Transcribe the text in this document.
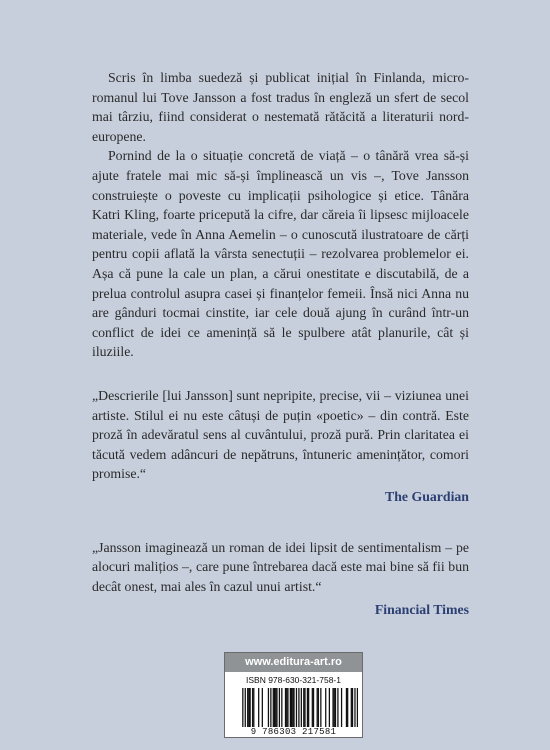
Scris în limba suedeză și publicat inițial în Finlanda, micro-romanul lui Tove Jansson a fost tradus în engleză un sfert de secol mai târziu, fiind considerat o nestemată rătăcită a literaturii nord-europene.

Pornind de la o situație concretă de viață – o tânără vrea să-și ajute fratele mai mic să-și împlinească un vis –, Tove Jansson construiește o poveste cu implicații psihologice și etice. Tânăra Katri Kling, foarte pricepută la cifre, dar căreia îi lipsesc mijloacele materiale, vede în Anna Aemelin – o cunoscută ilustratoare de cărți pentru copii aflată la vârsta senectuții – rezolvarea problemelor ei. Așa că pune la cale un plan, a cărui onestitate e discutabilă, de a prelua controlul asupra casei și finanțelor femeii. Însă nici Anna nu are gânduri tocmai cinstite, iar cele două ajung în curând într-un conflict de idei ce amenință să le spulbere atât planurile, cât și iluziile.

„Descrierile [lui Jansson] sunt nepripite, precise, vii – viziunea unei artiste. Stilul ei nu este câtuși de puțin «poetic» – din contră. Este proză în adevăratul sens al cuvântului, proză pură. Prin claritatea ei tăcută vedem adâncuri de nepătruns, întuneric amenințător, comori promise.“

The Guardian

„Jansson imaginează un roman de idei lipsit de sentimentalism – pe alocuri malițios –, care pune întrebarea dacă este mai bine să fii bun decât onest, mai ales în cazul unui artist.“

Financial Times

www.editura-art.ro
ISBN 978-630-321-758-1
9 786303 217581
